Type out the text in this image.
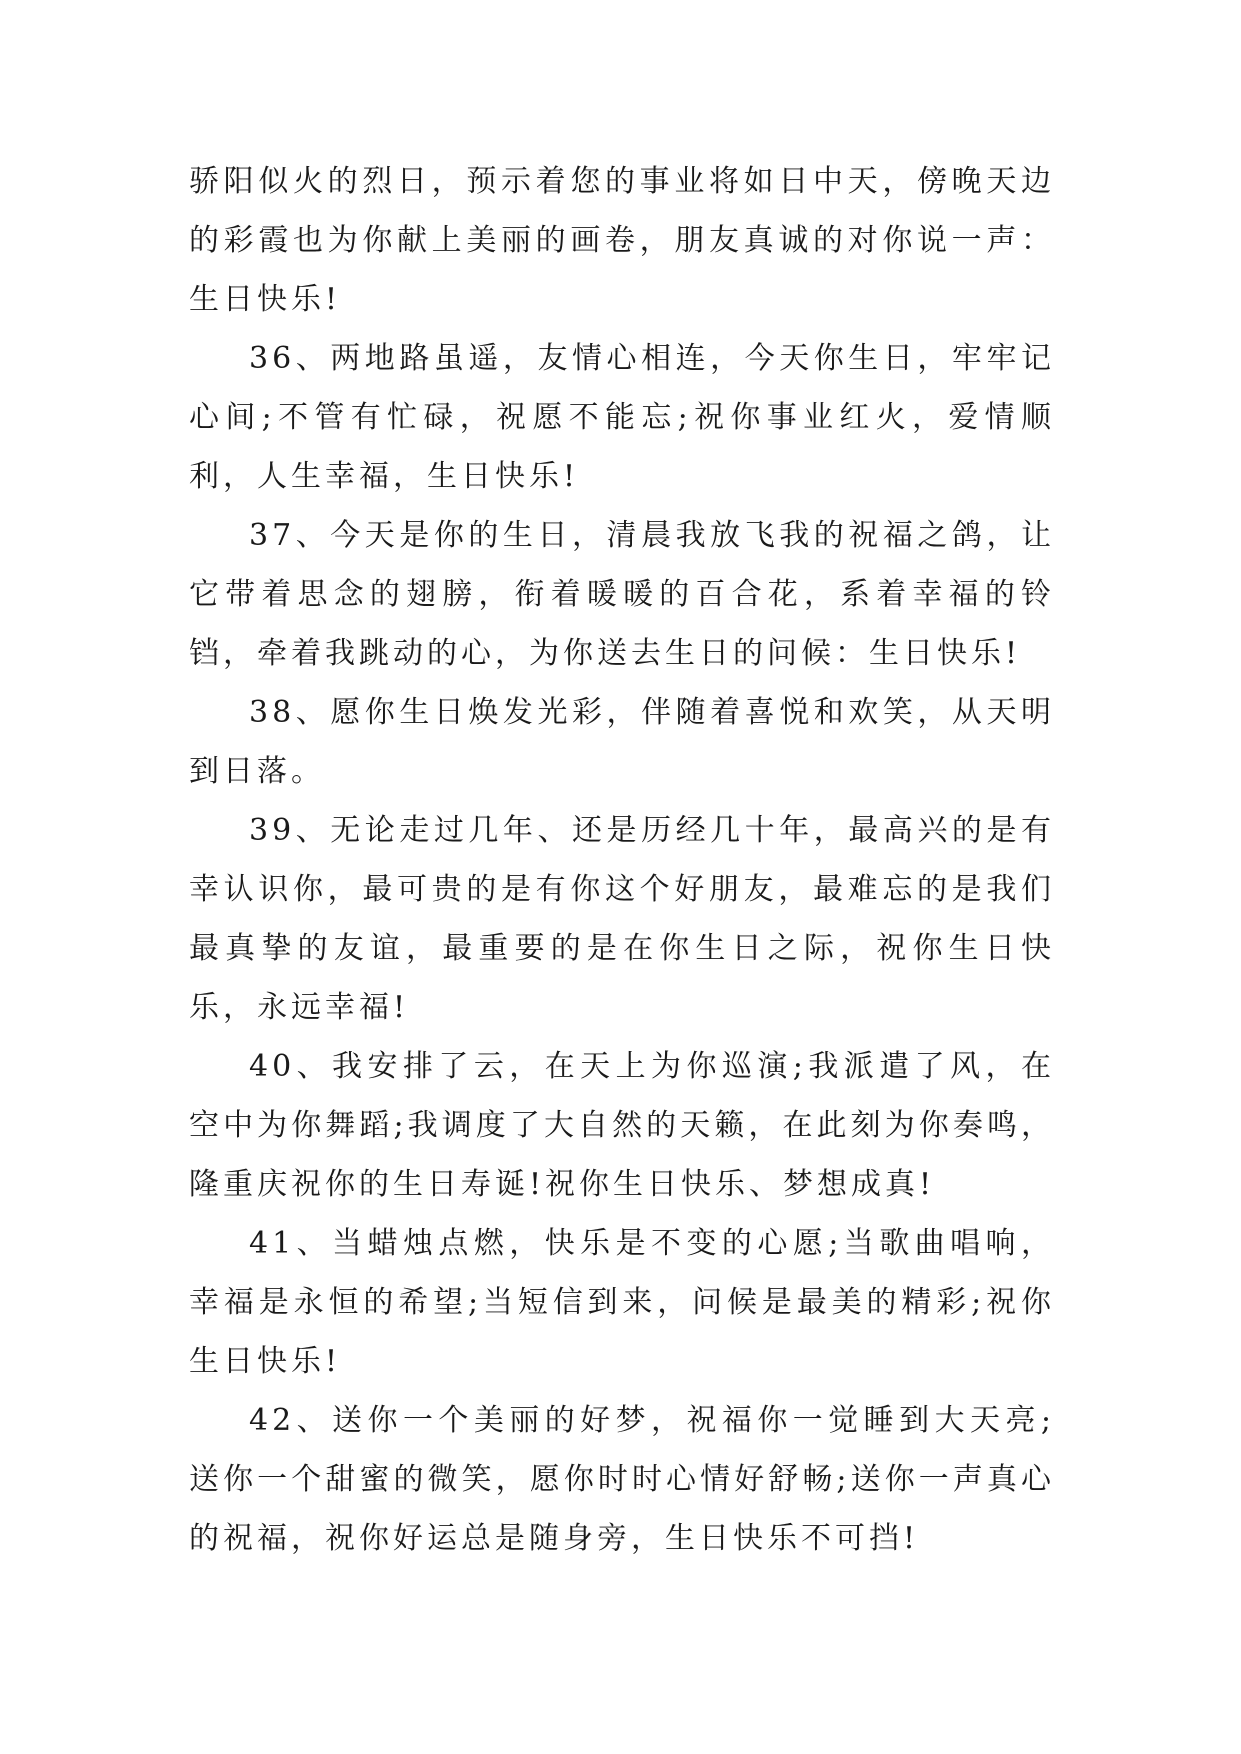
骄阳似火的烈日，预示着您的事业将如日中天，傍晚天边的彩霞也为你献上美丽的画卷，朋友真诚的对你说一声：生日快乐!

36、两地路虽遥，友情心相连，今天你生日，牢牢记心间;不管有忙碌，祝愿不能忘;祝你事业红火，爱情顺利，人生幸福，生日快乐!

37、今天是你的生日，清晨我放飞我的祝福之鸽，让它带着思念的翅膀，衔着暖暖的百合花，系着幸福的铃铛，牵着我跳动的心，为你送去生日的问候：生日快乐!

38、愿你生日焕发光彩，伴随着喜悦和欢笑，从天明到日落。

39、无论走过几年、还是历经几十年，最高兴的是有幸认识你，最可贵的是有你这个好朋友，最难忘的是我们最真挚的友谊，最重要的是在你生日之际，祝你生日快乐，永远幸福!

40、我安排了云，在天上为你巡演;我派遣了风，在空中为你舞蹈;我调度了大自然的天籁，在此刻为你奏鸣，隆重庆祝你的生日寿诞!祝你生日快乐、梦想成真!

41、当蜡烛点燃，快乐是不变的心愿;当歌曲唱响，幸福是永恒的希望;当短信到来，问候是最美的精彩;祝你生日快乐!

42、送你一个美丽的好梦，祝福你一觉睡到大天亮;送你一个甜蜜的微笑，愿你时时心情好舒畅;送你一声真心的祝福，祝你好运总是随身旁，生日快乐不可挡!
